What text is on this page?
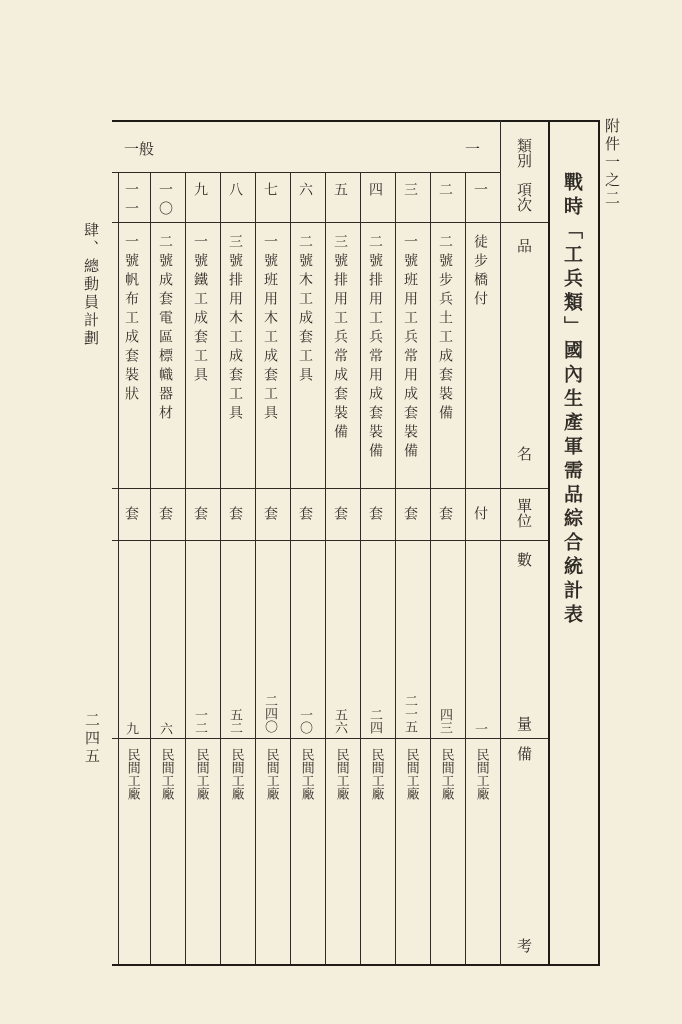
附件一之二
戰時「工兵類」國內生產軍需品綜合統計表
肆、總動員計劃
二四五
類別
項次
品
名
單位
數
量
備
考
一
一般
一
徒步橋付
付
一
民間工廠
二
二號步兵土工成套裝備
套
四三
民間工廠
三
一號班用工兵常用成套裝備
套
二一五
民間工廠
四
二號排用工兵常用成套裝備
套
二四
民間工廠
五
三號排用工兵常成套裝備
套
五六
民間工廠
六
二號木工成套工具
套
一〇
民間工廠
七
一號班用木工成套工具
套
二四〇
民間工廠
八
三號排用木工成套工具
套
五二
民間工廠
九
一號鐵工成套工具
套
一二
民間工廠
一〇
二號成套電區標幟器材
套
六
民間工廠
一一
一號帆布工成套裝狀
套
九
民間工廠
